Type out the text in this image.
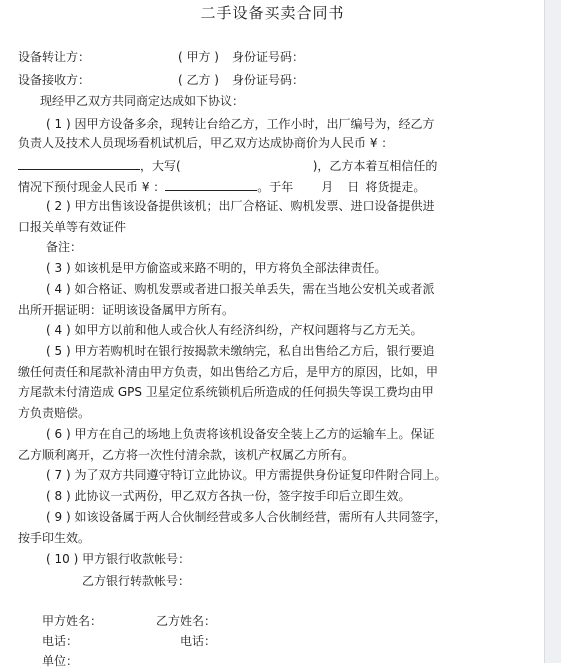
二手设备买卖合同书
设备转让方：	( 甲方 ) 身份证号码：
设备接收方：	( 乙方 ) 身份证号码：
现经甲乙双方共同商定达成如下协议：
( 1 ) 因甲方设备多余，现转让台给乙方，工作小时，出厂编号为，经乙方
负责人及技术人员现场看机试机后，甲乙双方达成协商价为人民币 ¥ ：
，大写(	)，乙方本着互相信任的
情况下预付现金人民币 ¥ ：	。于年 月 日 将货提走。
( 2 ) 甲方出售该设备提供该机；出厂合格证、购机发票、进口设备提供进
口报关单等有效证件
备注：
( 3 ) 如该机是甲方偷盗或来路不明的，甲方将负全部法律责任。
( 4 ) 如合格证、购机发票或者进口报关单丢失，需在当地公安机关或者派
出所开据证明：证明该设备属甲方所有。
( 4 ) 如甲方以前和他人或合伙人有经济纠纷，产权问题将与乙方无关。
( 5 ) 甲方若购机时在银行按揭款未缴纳完，私自出售给乙方后，银行要追
缴任何责任和尾款补清由甲方负责，如出售给乙方后，是甲方的原因，比如，甲
方尾款未付清造成 GPS 卫星定位系统锁机后所造成的任何损失等误工费均由甲
方负责赔偿。
( 6 ) 甲方在自己的场地上负责将该机设备安全装上乙方的运输车上。保证
乙方顺利离开，乙方将一次性付清余款，该机产权属乙方所有。
( 7 ) 为了双方共同遵守特订立此协议。甲方需提供身份证复印件附合同上。
( 8 ) 此协议一式两份，甲乙双方各执一份，签字按手印后立即生效。
( 9 ) 如该设备属于两人合伙制经营或多人合伙制经营，需所有人共同签字，
按手印生效。
( 10 ) 甲方银行收款帐号：
乙方银行转款帐号：
甲方姓名：	乙方姓名：
电话：	电话：
单位：
